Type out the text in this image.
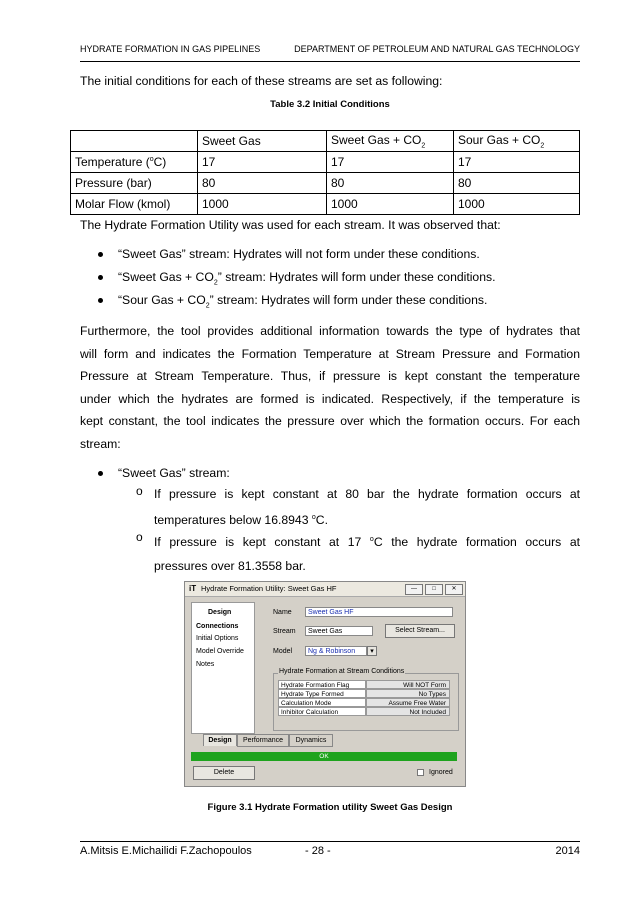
HYDRATE FORMATION IN GAS PIPELINES	DEPARTMENT OF PETROLEUM AND NATURAL GAS TECHNOLOGY
The initial conditions for each of these streams are set as following:
Table 3.2 Initial Conditions
	Sweet Gas	Sweet Gas + $CO_2$	Sour Gas + $CO_2$
Temperature ($^o$C)	17	17	17
Pressure (bar)	80	80	80
Molar Flow (kmol)	1000	1000	1000
The Hydrate Formation Utility was used for each stream. It was observed that:
“Sweet Gas” stream: Hydrates will not form under these conditions.
“Sweet Gas + $CO_2$” stream: Hydrates will form under these conditions.
“Sour Gas + $CO_2$” stream: Hydrates will form under these conditions.
Furthermore, the tool provides additional information towards the type of hydrates that
will form and indicates the Formation Temperature at Stream Pressure and Formation
Pressure at Stream Temperature. Thus, if pressure is kept constant the temperature
under which the hydrates are formed is indicated. Respectively, if the temperature is
kept constant, the tool indicates the pressure over which the formation occurs. For each
stream:
“Sweet Gas” stream:
o If pressure is kept constant at 80 bar the hydrate formation occurs at
temperatures below 16.8943 $^o$C.
o If pressure is kept constant at 17 $^o$C the hydrate formation occurs at
pressures over 81.3558 bar.
iT Hydrate Formation Utility: Sweet Gas HF	—	□	✕
Design
Connections
Initial Options
Model Override
Notes
Name	Sweet Gas HF
Stream	Sweet Gas	Select Stream...
Model	Ng & Robinson	▾
Hydrate Formation at Stream Conditions
Hydrate Formation Flag	Will NOT Form
Hydrate Type Formed	No Types
Calculation Mode	Assume Free Water
Inhibitor Calculation	Not Included
Design	Performance	Dynamics
OK
Delete	Ignored
Figure 3.1 Hydrate Formation utility Sweet Gas Design
A.Mitsis E.Michailidi F.Zachopoulos	- 28 -	2014
